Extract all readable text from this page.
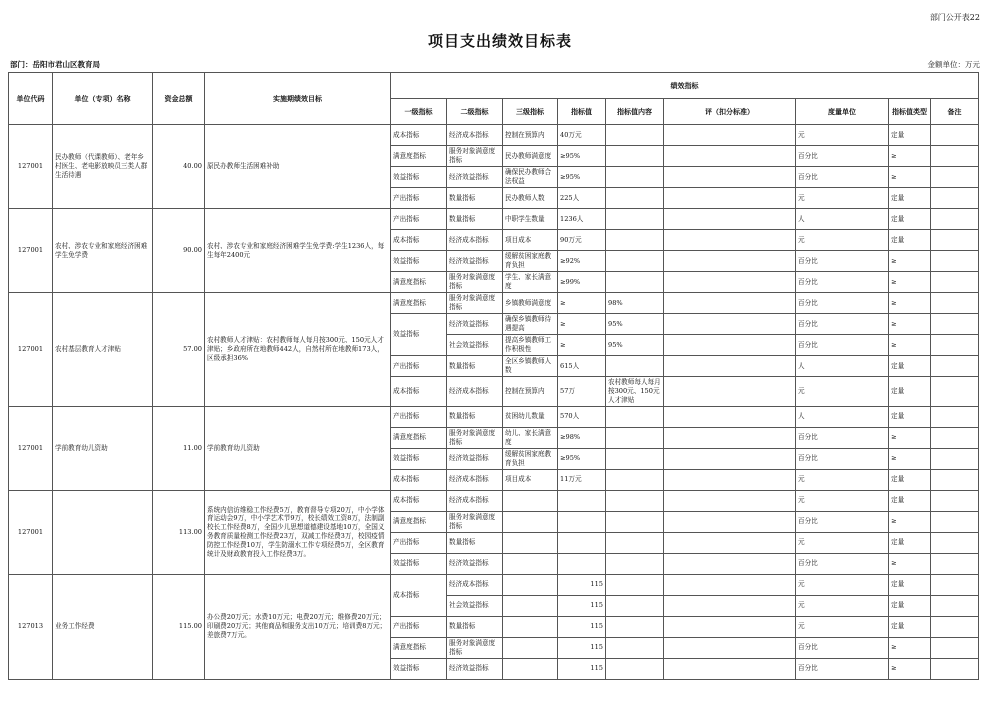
部门公开表22
项目支出绩效目标表
部门：岳阳市君山区教育局	金额单位：万元
单位代码	单位（专项）名称	资金总额	实施期绩效目标	绩效指标								
				一级指标	二级指标	三级指标	指标值	指标值内容	评（扣分标准）	度量单位	指标值类型	备注
127001	民办教师（代课教师）、老年乡村医生、老电影放映员三类人群生活待遇	40.00	原民办教师生活困难补助	成本指标	经济成本指标	控制在预算内	40万元			元	定量	
				满意度指标	服务对象满意度指标	民办教师满意度	≥95%			百分比	≥	
				效益指标	经济效益指标	确保民办教师合法权益	≥95%			百分比	≥	
				产出指标	数量指标	民办教师人数	225人			元	定量	
127001	农村、涉农专业和家庭经济困难学生免学费	90.00	农村、涉农专业和家庭经济困难学生免学费:学生1236人，每生每年2400元	产出指标	数量指标	中职学生数量	1236人			人	定量	
				成本指标	经济成本指标	项目成本	90万元			元	定量	
				效益指标	经济效益指标	缓解贫困家庭教育负担	≥92%			百分比	≥	
				满意度指标	服务对象满意度指标	学生、家长满意度	≥99%			百分比	≥	
127001	农村基层教育人才津贴	57.00	农村教师人才津贴：农村教师每人每月按300元、150元人才津贴；乡政府所在地教师442人，自然村所在地教师173人，区级承担36%	满意度指标	服务对象满意度指标	乡镇教师满意度	≥	98%		百分比	≥	
				效益指标	经济效益指标	确保乡镇教师待遇提高	≥	95%		百分比	≥	
					社会效益指标	提高乡镇教师工作积极性	≥	95%		百分比	≥	
				产出指标	数量指标	全区乡镇教师人数	615人			人	定量	
				成本指标	经济成本指标	控制在预算内	57万	农村教师每人每月按300元、150元人才津贴		元	定量	
127001	学前教育幼儿资助	11.00	学前教育幼儿资助	产出指标	数量指标	贫困幼儿数量	570人			人	定量	
				满意度指标	服务对象满意度指标	幼儿、家长满意度	≥98%			百分比	≥	
				效益指标	经济效益指标	缓解贫困家庭教育负担	≥95%			百分比	≥	
				成本指标	经济成本指标	项目成本	11万元			元	定量	
127001		113.00	系统内信访维稳工作经费5万，教育督导专项20万，中小学体育运动会9万，中小学艺术节9万，校长绩效工资8万，法制副校长工作经费8万，全国少儿思想道德建设基地10万，全国义务教育质量检测工作经费23万，双减工作经费3万，校园疫情防控工作经费10万，学生防溺水工作专项经费5万，全区教育统计及财政教育投入工作经费3万。	成本指标	经济成本指标					元	定量	
				满意度指标	服务对象满意度指标					百分比	≥	
				产出指标	数量指标					元	定量	
				效益指标	经济效益指标					百分比	≥	
127013	业务工作经费	115.00	办公费20万元；水费10万元；电费20万元；维修费20万元；印刷费20万元；其他商品和服务支出10万元；培训费8万元；差旅费7万元。	成本指标	经济成本指标		115			元	定量	
					社会效益指标		115			元	定量	
				产出指标	数量指标		115			元	定量	
				满意度指标	服务对象满意度指标		115			百分比	≥	
				效益指标	经济效益指标		115			百分比	≥	
